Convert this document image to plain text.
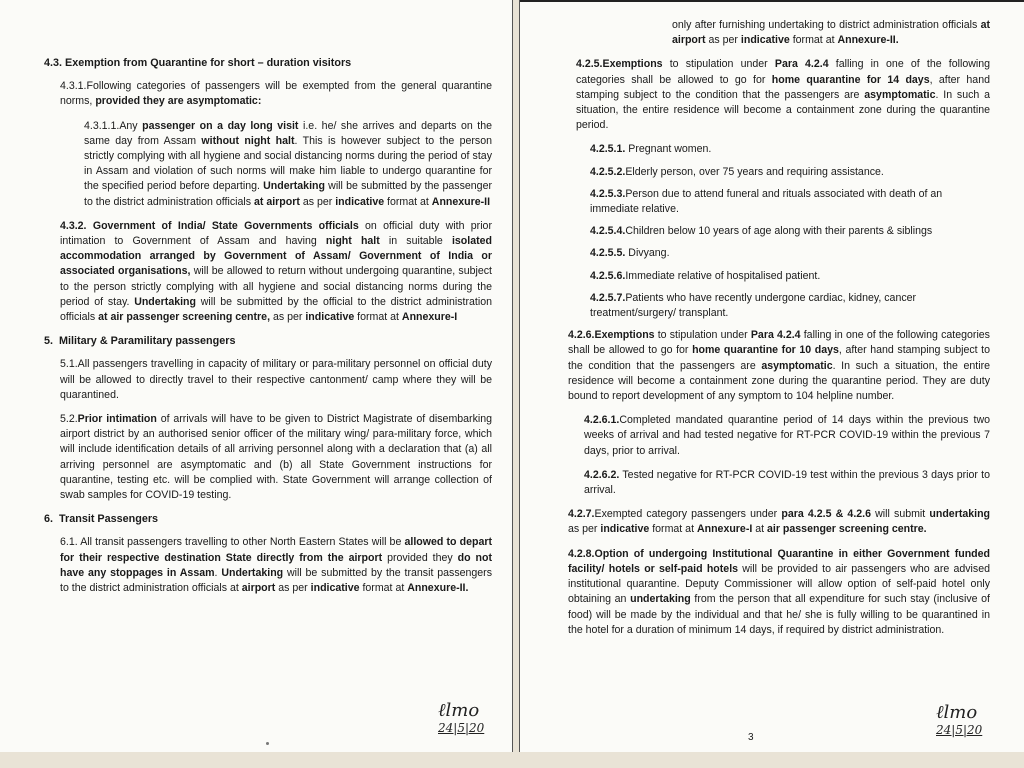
4.3. Exemption from Quarantine for short – duration visitors
4.3.1.Following categories of passengers will be exempted from the general quarantine norms, provided they are asymptomatic:
4.3.1.1.Any passenger on a day long visit i.e. he/ she arrives and departs on the same day from Assam without night halt. This is however subject to the person strictly complying with all hygiene and social distancing norms during the period of stay in Assam and violation of such norms will make him liable to undergo quarantine for the specified period before departing. Undertaking will be submitted by the passenger to the district administration officials at airport as per indicative format at Annexure-II
4.3.2. Government of India/ State Governments officials on official duty with prior intimation to Government of Assam and having night halt in suitable isolated accommodation arranged by Government of Assam/ Government of India or associated organisations, will be allowed to return without undergoing quarantine, subject to the person strictly complying with all hygiene and social distancing norms during the period of stay. Undertaking will be submitted by the official to the district administration officials at air passenger screening centre, as per indicative format at Annexure-I
5. Military & Paramilitary passengers
5.1.All passengers travelling in capacity of military or para-military personnel on official duty will be allowed to directly travel to their respective cantonment/ camp where they will be quarantined.
5.2.Prior intimation of arrivals will have to be given to District Magistrate of disembarking airport district by an authorised senior officer of the military wing/ para-military force, which will include identification details of all arriving personnel along with a declaration that (a) all arriving personnel are asymptomatic and (b) all State Government instructions for quarantine, testing etc. will be complied with. State Government will arrange collection of swab samples for COVID-19 testing.
6. Transit Passengers
6.1. All transit passengers travelling to other North Eastern States will be allowed to depart for their respective destination State directly from the airport provided they do not have any stoppages in Assam. Undertaking will be submitted by the transit passengers to the district administration officials at airport as per indicative format at Annexure-II.
ℓlmo
24|5|20
only after furnishing undertaking to district administration officials at airport as per indicative format at Annexure-II.
4.2.5.Exemptions to stipulation under Para 4.2.4 falling in one of the following categories shall be allowed to go for home quarantine for 14 days, after hand stamping subject to the condition that the passengers are asymptomatic. In such a situation, the entire residence will become a containment zone during the quarantine period.
4.2.5.1. Pregnant women.
4.2.5.2.Elderly person, over 75 years and requiring assistance.
4.2.5.3.Person due to attend funeral and rituals associated with death of an immediate relative.
4.2.5.4.Children below 10 years of age along with their parents & siblings
4.2.5.5. Divyang.
4.2.5.6.Immediate relative of hospitalised patient.
4.2.5.7.Patients who have recently undergone cardiac, kidney, cancer treatment/surgery/ transplant.
4.2.6.Exemptions to stipulation under Para 4.2.4 falling in one of the following categories shall be allowed to go for home quarantine for 10 days, after hand stamping subject to the condition that the passengers are asymptomatic. In such a situation, the entire residence will become a containment zone during the quarantine period. They are duty bound to report development of any symptom to 104 helpline number.
4.2.6.1.Completed mandated quarantine period of 14 days within the previous two weeks of arrival and had tested negative for RT-PCR COVID-19 within the previous 7 days, prior to arrival.
4.2.6.2. Tested negative for RT-PCR COVID-19 test within the previous 3 days prior to arrival.
4.2.7.Exempted category passengers under para 4.2.5 & 4.2.6 will submit undertaking as per indicative format at Annexure-I at air passenger screening centre.
4.2.8.Option of undergoing Institutional Quarantine in either Government funded facility/ hotels or self-paid hotels will be provided to air passengers who are advised institutional quarantine. Deputy Commissioner will allow option of self-paid hotel only obtaining an undertaking from the person that all expenditure for such stay (inclusive of food) will be made by the individual and that he/ she is fully willing to be quarantined in the hotel for a duration of minimum 14 days, if required by district administration.
3
ℓlmo
24|5|20
